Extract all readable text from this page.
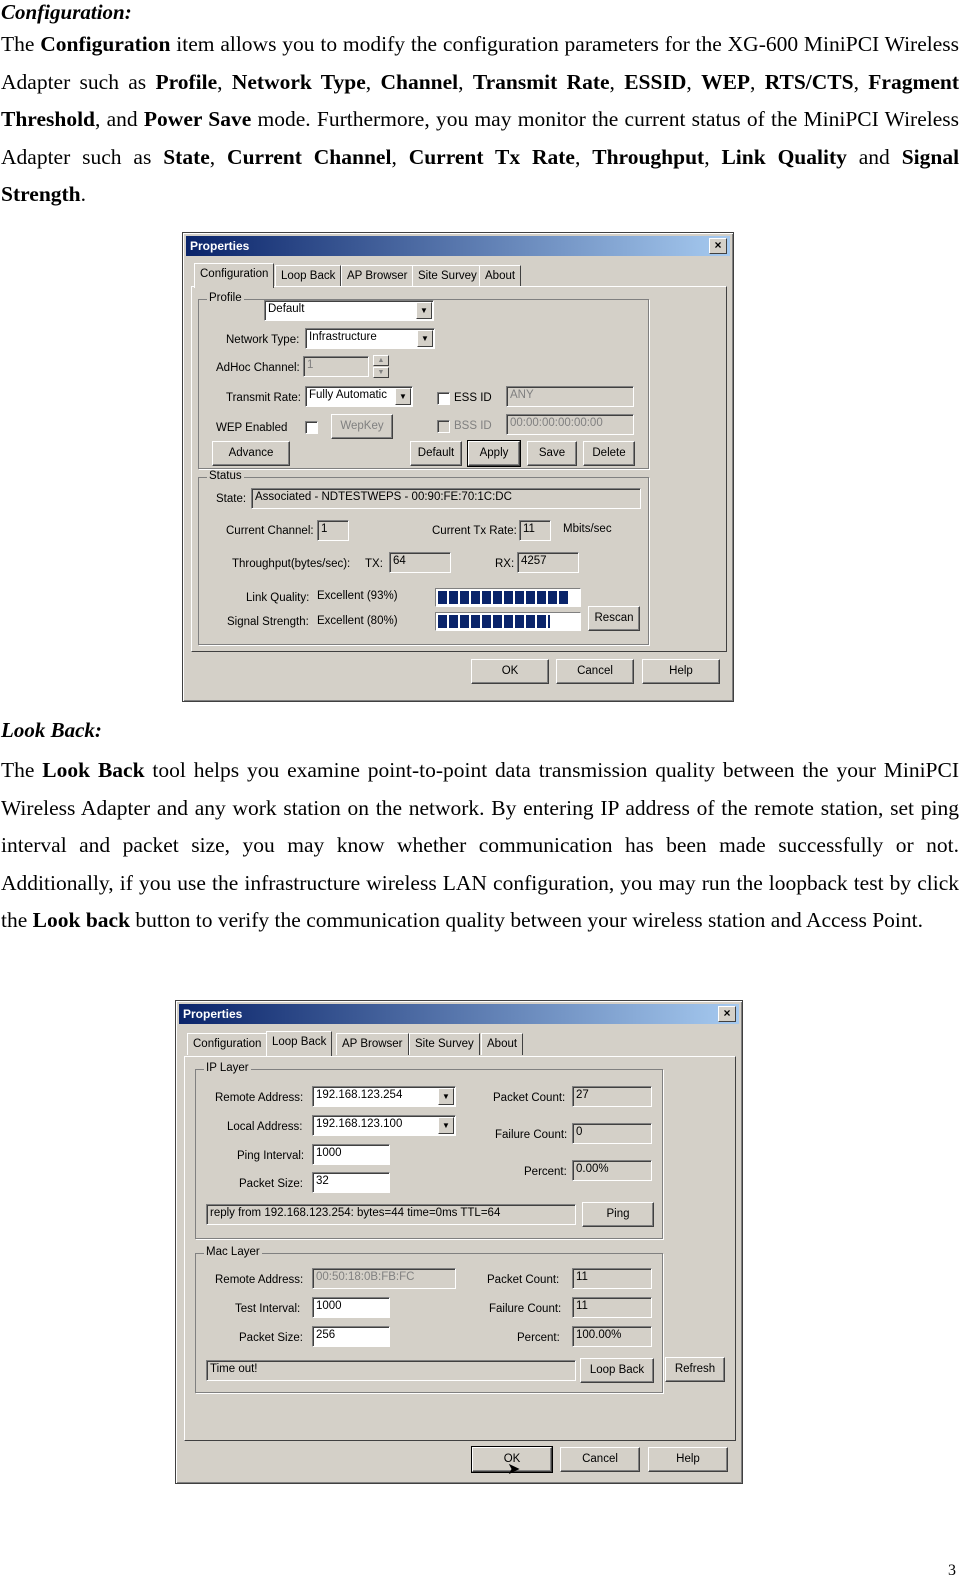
Configuration:

The Configuration item allows you to modify the configuration parameters for the XG-600 MiniPCI Wireless Adapter such as Profile, Network Type, Channel, Transmit Rate, ESSID, WEP, RTS/CTS, Fragment Threshold, and Power Save mode. Furthermore, you may monitor the current status of the MiniPCI Wireless Adapter such as State, Current Channel, Current Tx Rate, Throughput, Link Quality and Signal Strength.

Properties	×
Configuration	Loop Back	AP Browser Site Survey About
Profile
Default	▼
Network Type: Infrastructure	▼
AdHoc Channel: 1	▲
▼
Transmit Rate: Fully Automatic	▼	ESS ID	ANY
BSS ID	00:00:00:00:00:00
WEP Enabled	WepKey
Advance	Default	Apply	Save	Delete
Status
State: Associated - NDTESTWEPS - 00:90:FE:70:1C:DC
Current Channel: 1	Current Tx Rate: 11	Mbits/sec
Throughput(bytes/sec): TX: 64	RX: 4257
Link Quality: Excellent (93%)
Signal Strength: Excellent (80%)	Rescan
OK	Cancel	Help
Look Back:

The Look Back tool helps you examine point-to-point data transmission quality between the your MiniPCI Wireless Adapter and any work station on the network. By entering IP address of the remote station, set ping interval and packet size, you may know whether communication has been made successfully or not. Additionally, if you use the infrastructure wireless LAN configuration, you may run the loopback test by click the Look back button to verify the communication quality between your wireless station and Access Point.

Properties	×
Configuration Loop Back	AP Browser	Site Survey	About
IP Layer
Remote Address:	192.168.123.254	▼
Local Address:	192.168.123.100	▼
Ping Interval:	1000
Packet Size:	32
Packet Count: 27
Failure Count: 0
Percent: 0.00%
reply from 192.168.123.254: bytes=44 time=0ms TTL=64	Ping
Mac Layer
Remote Address:	00:50:18:0B:FB:FC
Test Interval:	1000
Packet Size:	256
Packet Count:	11
Failure Count:	11
Percent:	100.00%
Time out!	Loop Back	Refresh
OK	Cancel	Help
➤
3
